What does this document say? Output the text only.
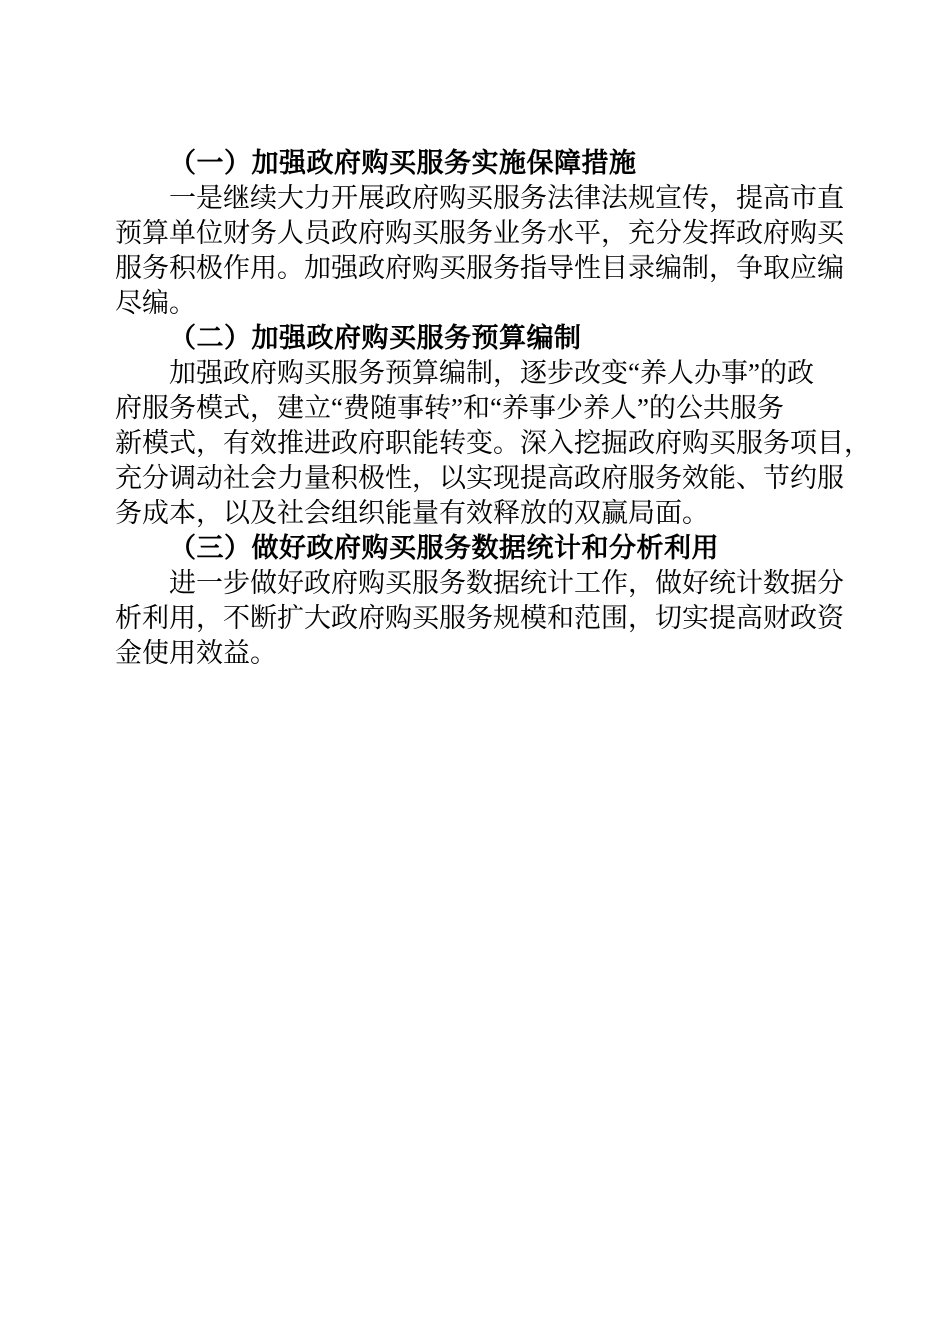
（一）加强政府购买服务实施保障措施
一是继续大力开展政府购买服务法律法规宣传，提高市直
预算单位财务人员政府购买服务业务水平，充分发挥政府购买
服务积极作用。加强政府购买服务指导性目录编制，争取应编
尽编。
（二）加强政府购买服务预算编制
加强政府购买服务预算编制，逐步改变“养人办事”的政
府服务模式，建立“费随事转”和“养事少养人”的公共服务
新模式，有效推进政府职能转变。深入挖掘政府购买服务项目，
充分调动社会力量积极性，以实现提高政府服务效能、节约服
务成本，以及社会组织能量有效释放的双赢局面。
（三）做好政府购买服务数据统计和分析利用
进一步做好政府购买服务数据统计工作，做好统计数据分
析利用，不断扩大政府购买服务规模和范围，切实提高财政资
金使用效益。
